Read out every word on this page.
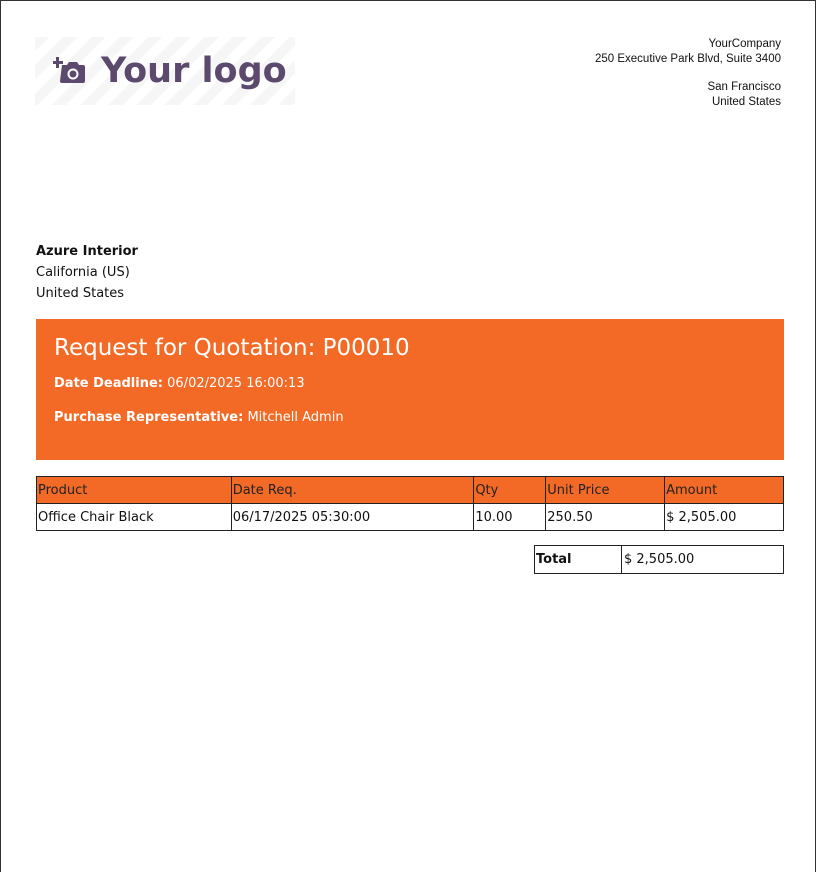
Your logo
YourCompany
250 Executive Park Blvd, Suite 3400
San Francisco
United States
Azure Interior
California (US)
United States
Request for Quotation: P00010
Date Deadline: 06/02/2025 16:00:13
Purchase Representative: Mitchell Admin
Product	Date Req.	Qty	Unit Price	Amount
Office Chair Black	06/17/2025 05:30:00	10.00	250.50	$ 2,505.00
Total	$ 2,505.00
